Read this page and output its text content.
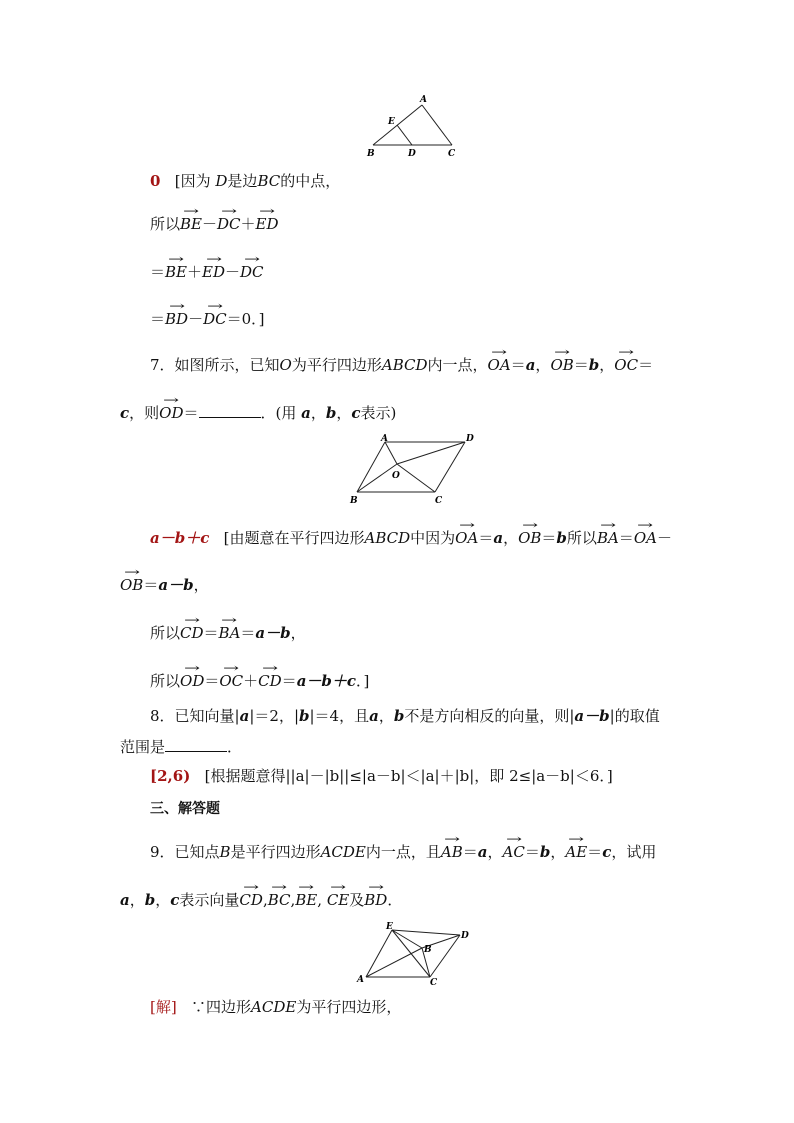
A
E
B	D	C
0 [因为 D是边BC的中点，
所以→ BE－→ DC＋→ ED
＝→ BE＋→ ED－→ DC
＝→ BD－→ DC＝0．]
7．如图所示，已知O为平行四边形ABCD内一点，→ OA＝a，→ OB＝b，→ OC＝
c，则→ OD＝	．(用 a，b，c表示)
A	D
O
B	C
a－b＋c [由题意在平行四边形ABCD中因为→ OA＝a，→ OB＝b所以→ BA＝→ OA－
→ OB＝a－b，
所以→ CD＝→ BA＝a－b，
所以→ OD＝→ OC＋→ CD＝a－b＋c．]
8．已知向量|a|＝2，|b|＝4，且a，b不是方向相反的向量，则|a－b|的取值
范围是	．
[2,6) [根据题意得||a|－|b||≤|a－b|＜|a|＋|b|，即 2≤|a－b|＜6．]
三、解答题
9．已知点B是平行四边形ACDE内一点，且→ AB＝a，→ AC＝b，→ AE＝c，试用
a，b，c表示向量→ CD,→ BC,→ BE, → CE及→ BD．
E
D
B
A	C
[解] ∵四边形ACDE为平行四边形，
